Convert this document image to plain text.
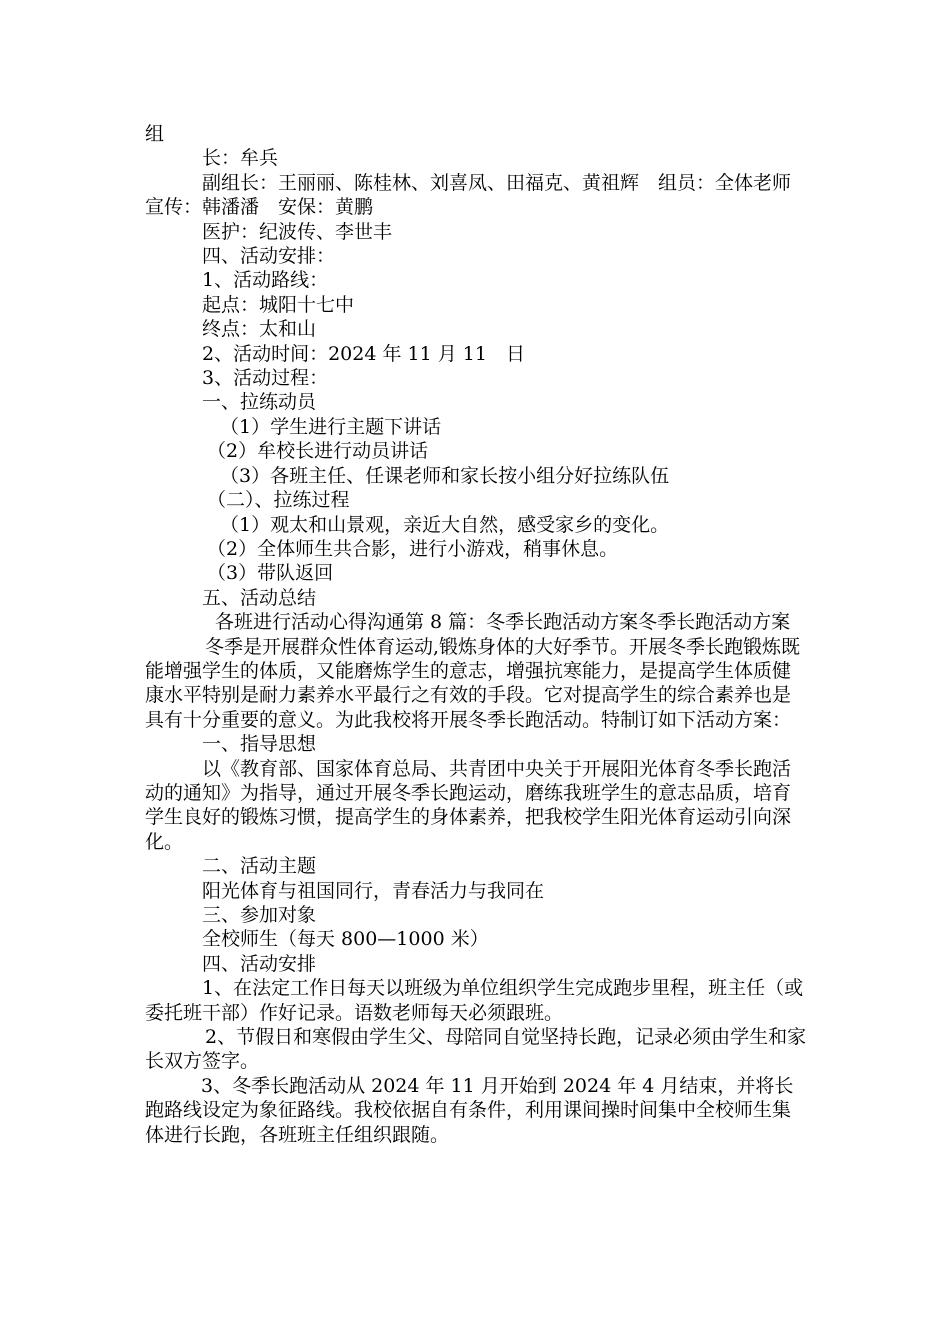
组

长：牟兵

副组长：王丽丽、陈桂林、刘喜凤、田福克、黄祖辉　组员：全体老师　宣传：韩潘潘　安保：黄鹏

医护：纪波传、李世丰

四、活动安排：

1、活动路线：

起点：城阳十七中

终点：太和山

2、活动时间：2024 年 11 月 11　日

3、活动过程：

一、拉练动员

（1）学生进行主题下讲话

（2）牟校长进行动员讲话

（3）各班主任、任课老师和家长按小组分好拉练队伍

（二）、拉练过程

（1）观太和山景观，亲近大自然，感受家乡的变化。

（2）全体师生共合影，进行小游戏，稍事休息。

（3）带队返回

五、活动总结

各班进行活动心得沟通第 8 篇：冬季长跑活动方案冬季长跑活动方案

冬季是开展群众性体育运动,锻炼身体的大好季节。开展冬季长跑锻炼既能增强学生的体质，又能磨炼学生的意志，增强抗寒能力，是提高学生体质健康水平特别是耐力素养水平最行之有效的手段。它对提高学生的综合素养也是具有十分重要的意义。为此我校将开展冬季长跑活动。特制订如下活动方案：

一、指导思想

以《教育部、国家体育总局、共青团中央关于开展阳光体育冬季长跑活动的通知》为指导，通过开展冬季长跑运动，磨练我班学生的意志品质，培育学生良好的锻炼习惯，提高学生的身体素养，把我校学生阳光体育运动引向深化。

二、活动主题

阳光体育与祖国同行，青春活力与我同在

三、参加对象

全校师生（每天 800—1000 米）

四、活动安排

1、在法定工作日每天以班级为单位组织学生完成跑步里程，班主任（或委托班干部）作好记录。语数老师每天必须跟班。

2、节假日和寒假由学生父、母陪同自觉坚持长跑，记录必须由学生和家长双方签字。

3、冬季长跑活动从 2024 年 11 月开始到 2024 年 4 月结束，并将长跑路线设定为象征路线。我校依据自有条件，利用课间操时间集中全校师生集体进行长跑，各班班主任组织跟随。
